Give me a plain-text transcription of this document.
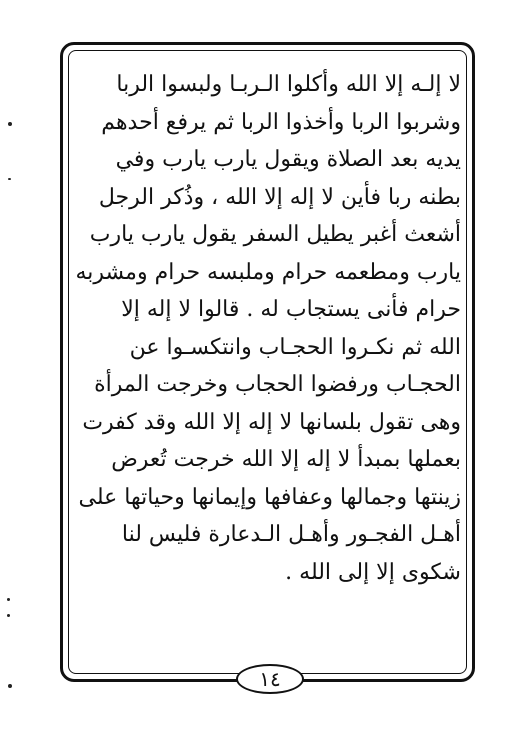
لا إلـه إلا الله وأكلوا الـربـا ولبسوا الربا
وشربوا الربا وأخذوا الربا ثم يرفع أحدهم
يديه بعد الصلاة ويقول يارب يارب وفي
بطنه ربا فأين لا إله إلا الله ، وذُكر الرجل
أشعث أغبر يطيل السفر يقول يارب يارب
يارب ومطعمه حرام وملبسه حرام ومشربه
حرام فأنى يستجاب له . قالوا لا إله إلا
الله ثم نكـروا الحجـاب وانتكسـوا عن
الحجـاب ورفضوا الحجاب وخرجت المرأة
وهى تقول بلسانها لا إله إلا الله وقد كفرت
بعملها بمبدأ لا إله إلا الله خرجت تُعرض
زينتها وجمالها وعفافها وإيمانها وحياتها على
أهـل الفجـور وأهـل الـدعارة فليس لنا
شكوى إلا إلى الله .
١٤
